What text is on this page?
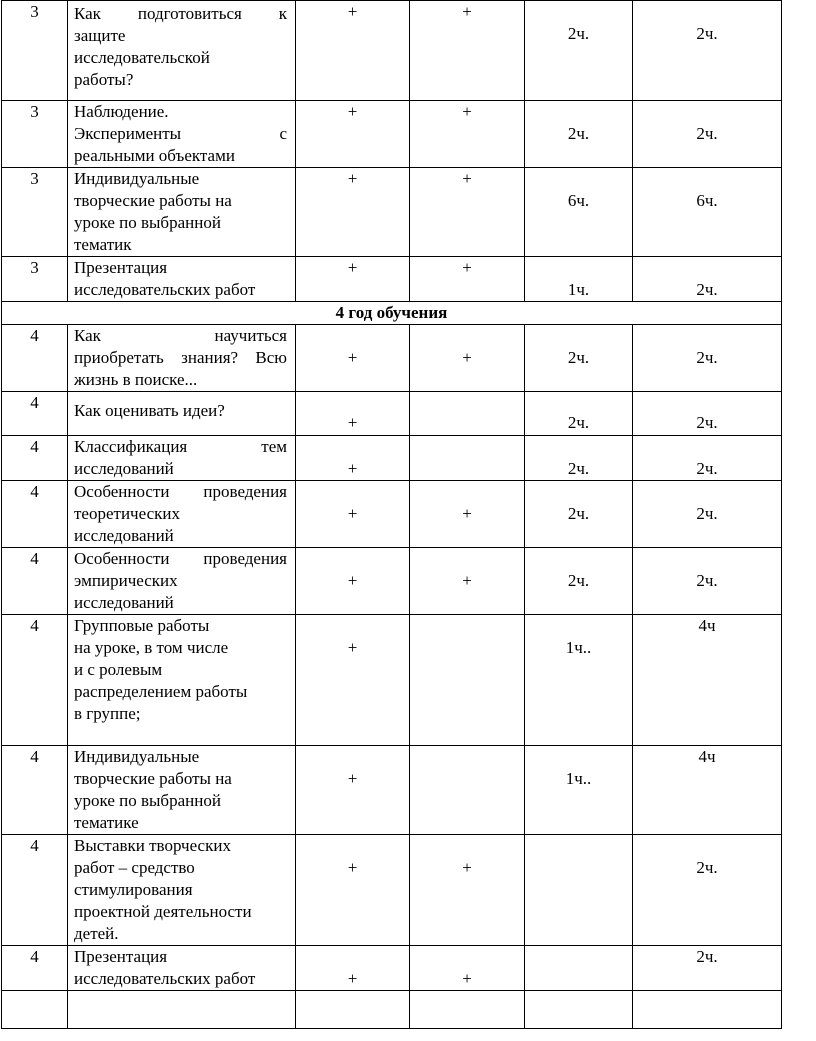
3	Как подготовиться к
защите
исследовательской
работы?	+	+	2ч.	2ч.

3	Наблюдение.
Эксперименты с
реальными объектами	+	+	2ч.	2ч.

3	Индивидуальные
творческие работы на
уроке по выбранной
тематик	+	+	6ч.	6ч.

3	Презентация
исследовательских работ	+	+	1ч.	2ч.

4 год обучения					

4	Как научиться
приобретать знания? Всю
жизнь в поиске...	+	+	2ч.	2ч.

4	Как оценивать идеи?	+		2ч.	2ч.

4	Классификация тем
исследований	+		2ч.	2ч.

4	Особенности проведения
теоретических
исследований	+	+	2ч.	2ч.

4	Особенности проведения
эмпирических
исследований	+	+	2ч.	2ч.

4	Групповые работы
на уроке, в том числе
и с ролевым
распределением работы
в группе;	+		1ч..	4ч

4	Индивидуальные
творческие работы на
уроке по выбранной
тематике	+		1ч..	4ч

4	Выставки творческих
работ – средство
стимулирования
проектной деятельности
детей.	+	+		2ч.

4	Презентация
исследовательских работ	+	+		2ч.
